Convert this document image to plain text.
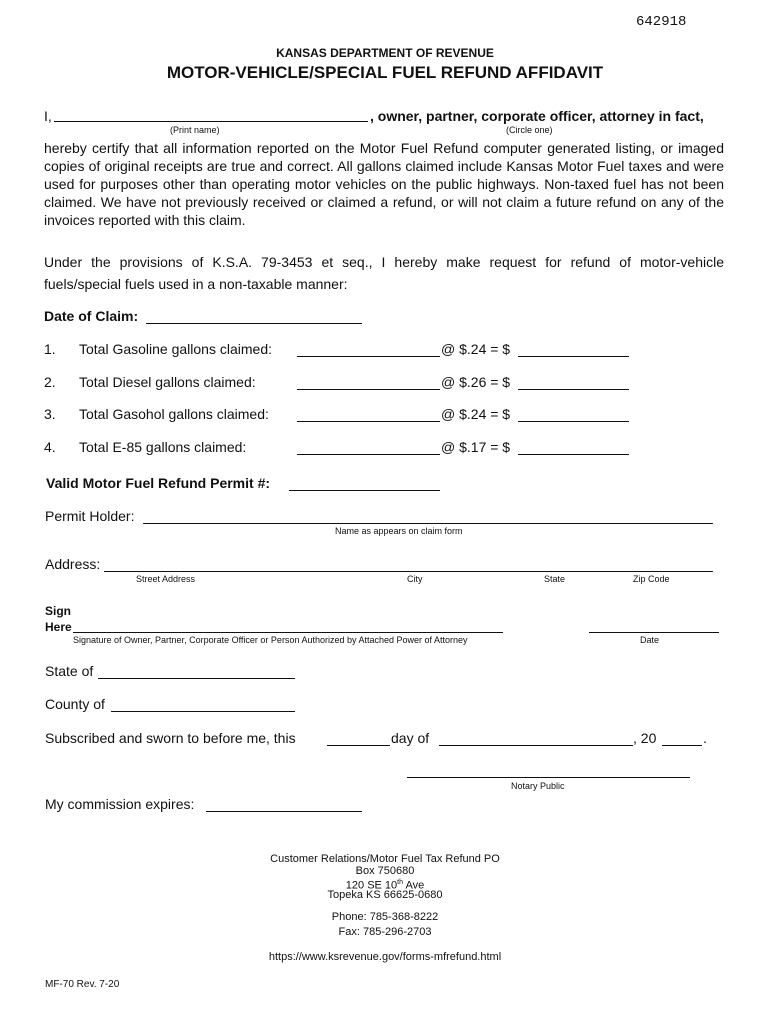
642918
KANSAS DEPARTMENT OF REVENUE
MOTOR-VEHICLE/SPECIAL FUEL REFUND AFFIDAVIT
I,	, owner, partner, corporate officer, attorney in fact,
(Print name)	(Circle one)
hereby certify that all information reported on the Motor Fuel Refund computer generated listing, or imaged copies of original receipts are true and correct. All gallons claimed include Kansas Motor Fuel taxes and were used for purposes other than operating motor vehicles on the public highways. Non-taxed fuel has not been claimed. We have not previously received or claimed a refund, or will not claim a future refund on any of the invoices reported with this claim.
Under the provisions of K.S.A. 79-3453 et seq., I hereby make request for refund of motor-vehicle fuels/special fuels used in a non-taxable manner:
Date of Claim:
1. Total Gasoline gallons claimed:	@ $.24 = $
2. Total Diesel gallons claimed:	@ $.26 = $
3. Total Gasohol gallons claimed:	@ $.24 = $
4. Total E-85 gallons claimed:	@ $.17 = $
Valid Motor Fuel Refund Permit #:
Permit Holder:
Name as appears on claim form
Address:
Street Address	City	State	Zip Code
Sign
Here
Signature of Owner, Partner, Corporate Officer or Person Authorized by Attached Power of Attorney	Date
State of
County of
Subscribed and sworn to before me, this	day of	, 20	.
Notary Public
My commission expires:
Customer Relations/Motor Fuel Tax Refund PO
Box 750680
120 SE 10th Ave
Topeka KS 66625-0680
Phone: 785-368-8222
Fax: 785-296-2703
https://www.ksrevenue.gov/forms-mfrefund.html
MF-70 Rev. 7-20
